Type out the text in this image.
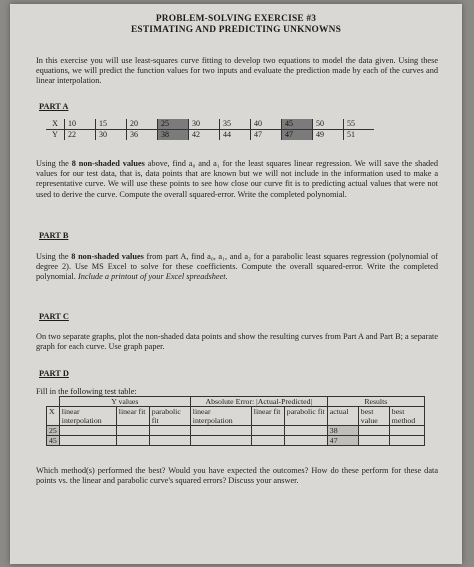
PROBLEM-SOLVING EXERCISE #3
ESTIMATING AND PREDICTING UNKNOWNS
In this exercise you will use least-squares curve fitting to develop two equations to model the data given. Using these equations, we will predict the function values for two inputs and evaluate the prediction made by each of the curves and linear interpolation.
PART A
X	10	15	20	25	30	35	40	45	50	55
Y	22	30	36	38	42	44	47	47	49	51
Using the 8 non-shaded values above, find a₀ and a₁ for the least squares linear regression. We will save the shaded values for our test data, that is, data points that are known but we will not include in the information used to make a representative curve. We will use these points to see how close our curve fit is to predicting actual values that were not used to derive the curve. Compute the overall squared-error. Write the completed polynomial.
PART B
Using the 8 non-shaded values from part A, find a₀, a₁, and a₂ for a parabolic least squares regression (polynomial of degree 2). Use MS Excel to solve for these coefficients. Compute the overall squared-error. Write the completed polynomial. Include a printout of your Excel spreadsheet.
PART C
On two separate graphs, plot the non-shaded data points and show the resulting curves from Part A and Part B; a separate graph for each curve. Use graph paper.
PART D
Fill in the following test table:
	Y values			Absolute Error: |Actual-Predicted|			Results		
X	linear interpolation	linear fit	parabolic fit	linear interpolation	linear fit	parabolic fit	actual	best value	best method
25							38		
45							47		
Which method(s) performed the best? Would you have expected the outcomes? How do these perform for these data points vs. the linear and parabolic curve's squared errors? Discuss your answer.
